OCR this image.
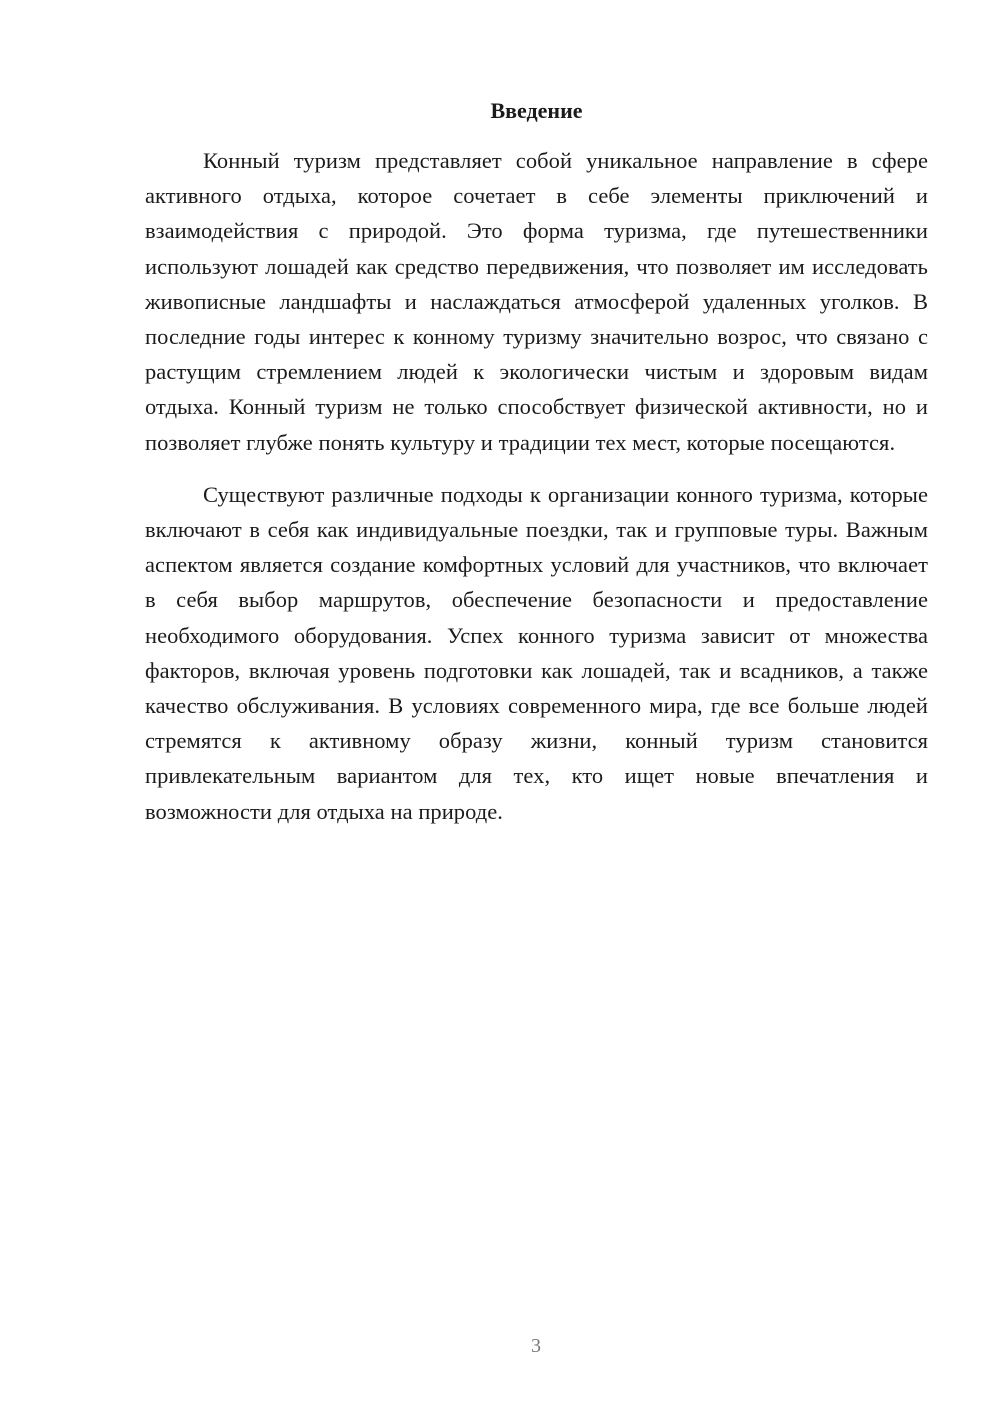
Введение

Конный туризм представляет собой уникальное направление в сфере активного отдыха, которое сочетает в себе элементы приключений и взаимодействия с природой. Это форма туризма, где путешественники используют лошадей как средство передвижения, что позволяет им исследовать живописные ландшафты и наслаждаться атмосферой удаленных уголков. В последние годы интерес к конному туризму значительно возрос, что связано с растущим стремлением людей к экологически чистым и здоровым видам отдыха. Конный туризм не только способствует физической активности, но и позволяет глубже понять культуру и традиции тех мест, которые посещаются.

Существуют различные подходы к организации конного туризма, которые включают в себя как индивидуальные поездки, так и групповые туры. Важным аспектом является создание комфортных условий для участников, что включает в себя выбор маршрутов, обеспечение безопасности и предоставление необходимого оборудования. Успех конного туризма зависит от множества факторов, включая уровень подготовки как лошадей, так и всадников, а также качество обслуживания. В условиях современного мира, где все больше людей стремятся к активному образу жизни, конный туризм становится привлекательным вариантом для тех, кто ищет новые впечатления и возможности для отдыха на природе.

3
